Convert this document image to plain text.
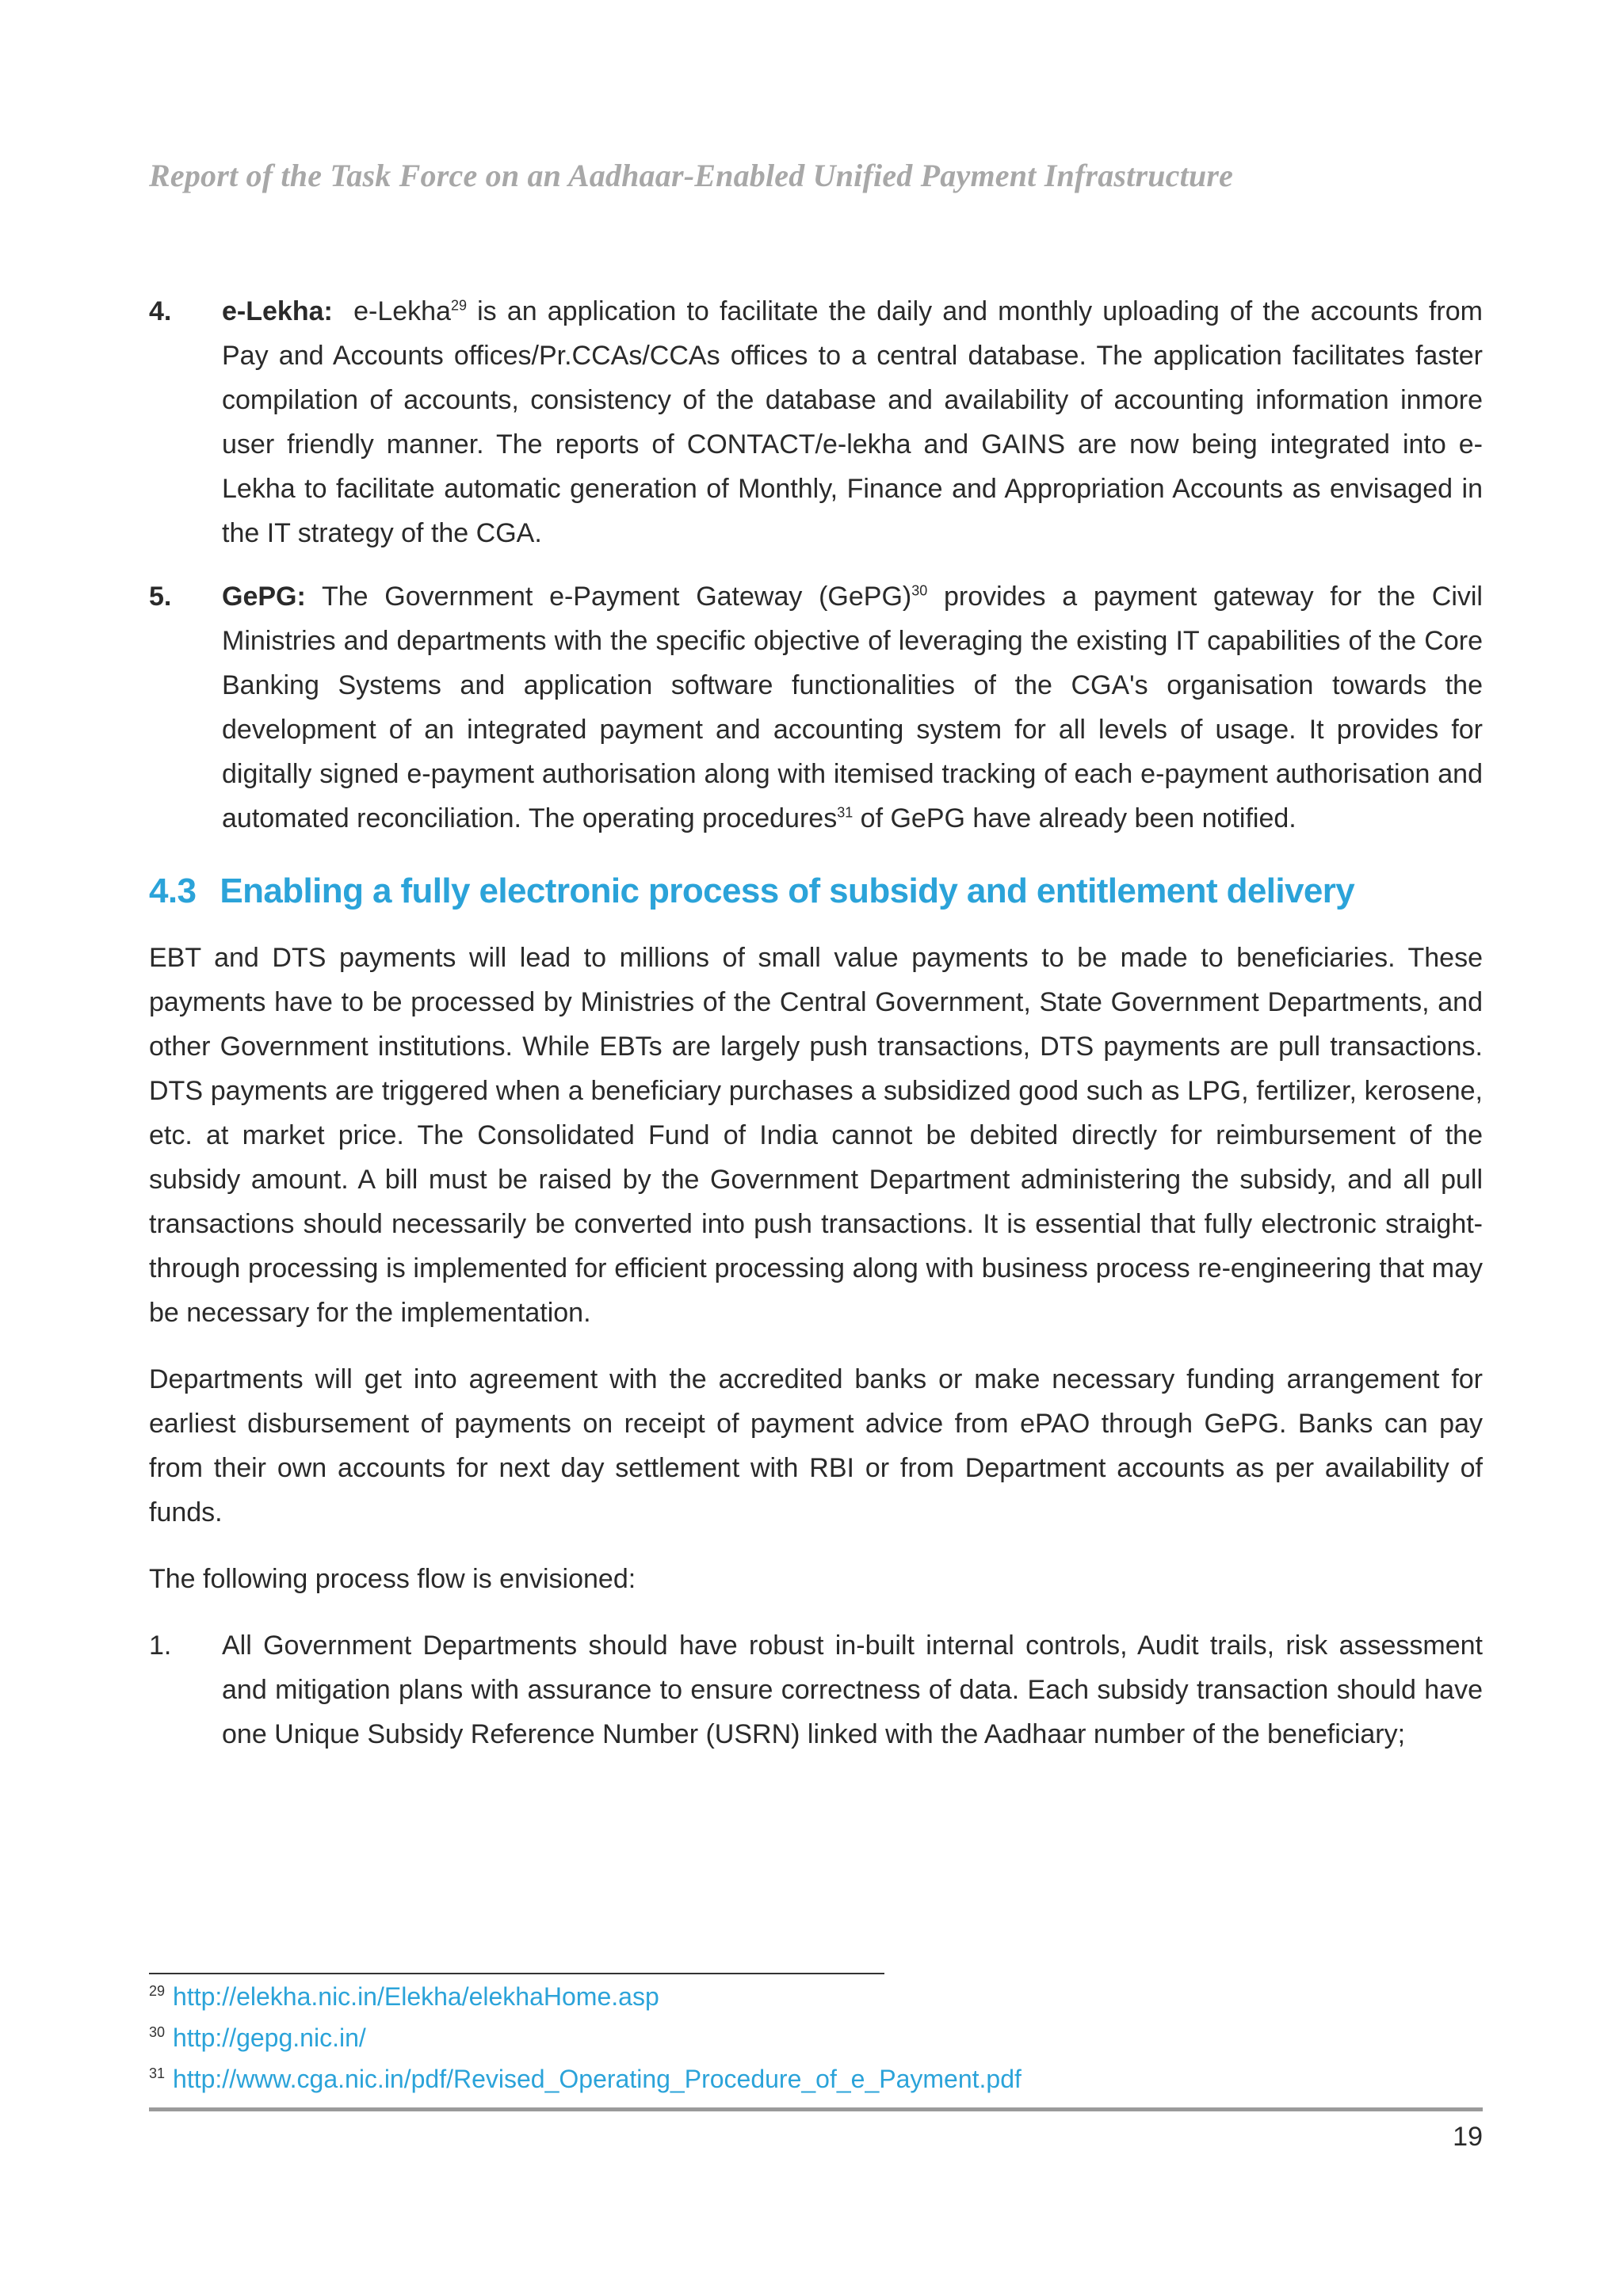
Report of the Task Force on an Aadhaar-Enabled Unified Payment Infrastructure
4. e-Lekha: e-Lekha$^{29}$ is an application to facilitate the daily and monthly uploading of the accounts from Pay and Accounts offices/Pr.CCAs/CCAs offices to a central database. The application facilitates faster compilation of accounts, consistency of the database and availability of accounting information inmore user friendly manner. The reports of CONTACT/e-lekha and GAINS are now being integrated into e-Lekha to facilitate automatic generation of Monthly, Finance and Appropriation Accounts as envisaged in the IT strategy of the CGA.
5. GePG: The Government e-Payment Gateway (GePG)$^{30}$ provides a payment gateway for the Civil Ministries and departments with the specific objective of leveraging the existing IT capabilities of the Core Banking Systems and application software functionalities of the CGA's organisation towards the development of an integrated payment and accounting system for all levels of usage. It provides for digitally signed e-payment authorisation along with itemised tracking of each e-payment authorisation and automated reconciliation. The operating procedures$^{31}$ of GePG have already been notified.
4.3 Enabling a fully electronic process of subsidy and entitlement delivery

EBT and DTS payments will lead to millions of small value payments to be made to beneficiaries. These payments have to be processed by Ministries of the Central Government, State Government Departments, and other Government institutions. While EBTs are largely push transactions, DTS payments are pull transactions. DTS payments are triggered when a beneficiary purchases a subsidized good such as LPG, fertilizer, kerosene, etc. at market price. The Consolidated Fund of India cannot be debited directly for reimbursement of the subsidy amount. A bill must be raised by the Government Department administering the subsidy, and all pull transactions should necessarily be converted into push transactions. It is essential that fully electronic straight-through processing is implemented for efficient processing along with business process re-engineering that may be necessary for the implementation.

Departments will get into agreement with the accredited banks or make necessary funding arrangement for earliest disbursement of payments on receipt of payment advice from ePAO through GePG. Banks can pay from their own accounts for next day settlement with RBI or from Department accounts as per availability of funds.

The following process flow is envisioned:

1. All Government Departments should have robust in-built internal controls, Audit trails, risk assessment and mitigation plans with assurance to ensure correctness of data. Each subsidy transaction should have one Unique Subsidy Reference Number (USRN) linked with the Aadhaar number of the beneficiary;
$^{29}$ http://elekha.nic.in/Elekha/elekhaHome.asp
$^{30}$ http://gepg.nic.in/
$^{31}$ http://www.cga.nic.in/pdf/Revised_Operating_Procedure_of_e_Payment.pdf
19
